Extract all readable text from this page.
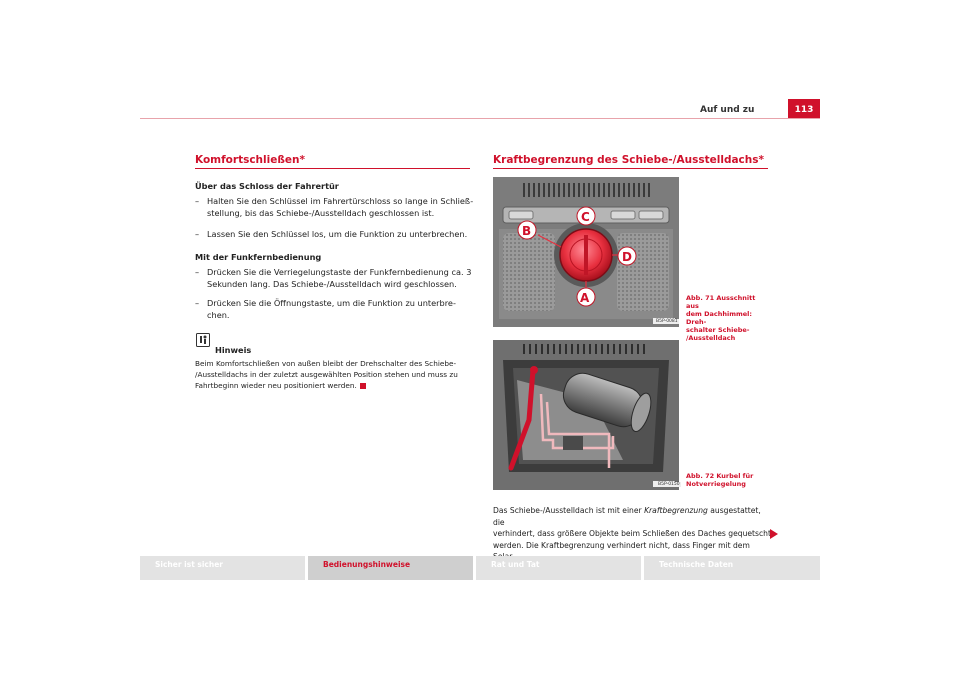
Auf und zu	113
Komfortschließen*
Über das Schloss der Fahrertür
– Halten Sie den Schlüssel im Fahrertürschloss so lange in Schließ-
stellung, bis das Schiebe-/Ausstelldach geschlossen ist.
– Lassen Sie den Schlüssel los, um die Funktion zu unterbrechen.
Mit der Funkfernbedienung
– Drücken Sie die Verriegelungstaste der Funkfernbedienung ca. 3
Sekunden lang. Das Schiebe-/Ausstelldach wird geschlossen.
– Drücken Sie die Öffnungstaste, um die Funktion zu unterbre-
chen.
Hinweis
Beim Komfortschließen von außen bleibt der Drehschalter des Schiebe-
/Ausstelldachs in der zuletzt ausgewählten Position stehen und muss zu
Fahrtbeginn wieder neu positioniert werden.
Kraftbegrenzung des Schiebe-/Ausstelldachs*
A
B
C
D
B5P-0081
Abb. 71 Ausschnitt aus
dem Dachhimmel: Dreh-
schalter Schiebe-
/Ausstelldach
B5P-0150
Abb. 72 Kurbel für
Notverriegelung
Das Schiebe-/Ausstelldach ist mit einer Kraftbegrenzung ausgestattet, die
verhindert, dass größere Objekte beim Schließen des Daches gequetscht
werden. Die Kraftbegrenzung verhindert nicht, dass Finger mit dem
Sicher ist sicher	Bedienungshinweise	Rat und Tat	Technische Daten
